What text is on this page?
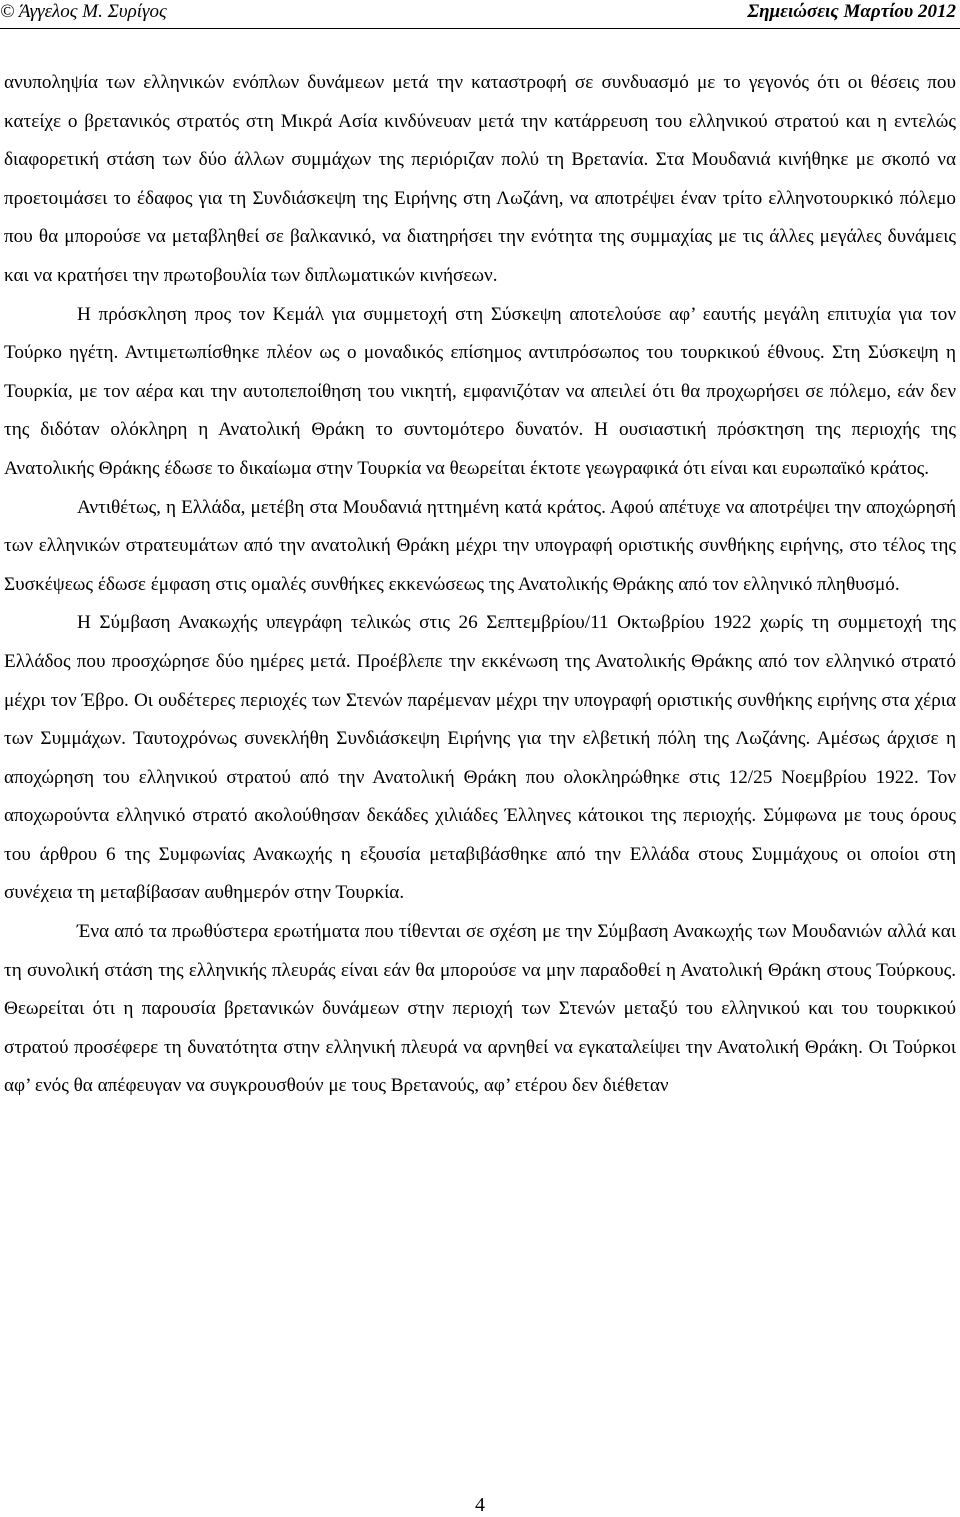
© Άγγελος Μ. Συρίγος	Σημειώσεις Μαρτίου 2012

ανυποληψία των ελληνικών ενόπλων δυνάμεων μετά την καταστροφή σε συνδυασμό με το γεγονός ότι οι θέσεις που κατείχε ο βρετανικός στρατός στη Μικρά Ασία κινδύνευαν μετά την κατάρρευση του ελληνικού στρατού και η εντελώς διαφορετική στάση των δύο άλλων συμμάχων της περιόριζαν πολύ τη Βρετανία. Στα Μουδανιά κινήθηκε με σκοπό να προετοιμάσει το έδαφος για τη Συνδιάσκεψη της Ειρήνης στη Λωζάνη, να αποτρέψει έναν τρίτο ελληνοτουρκικό πόλεμο που θα μπορούσε να μεταβληθεί σε βαλκανικό, να διατηρήσει την ενότητα της συμμαχίας με τις άλλες μεγάλες δυνάμεις και να κρατήσει την πρωτοβουλία των διπλωματικών κινήσεων.

Η πρόσκληση προς τον Κεμάλ για συμμετοχή στη Σύσκεψη αποτελούσε αφ’ εαυτής μεγάλη επιτυχία για τον Τούρκο ηγέτη. Αντιμετωπίσθηκε πλέον ως ο μοναδικός επίσημος αντιπρόσωπος του τουρκικού έθνους. Στη Σύσκεψη η Τουρκία, με τον αέρα και την αυτοπεποίθηση του νικητή, εμφανιζόταν να απειλεί ότι θα προχωρήσει σε πόλεμο, εάν δεν της διδόταν ολόκληρη η Ανατολική Θράκη το συντομότερο δυνατόν. Η ουσιαστική πρόσκτηση της περιοχής της Ανατολικής Θράκης έδωσε το δικαίωμα στην Τουρκία να θεωρείται έκτοτε γεωγραφικά ότι είναι και ευρωπαϊκό κράτος.

Αντιθέτως, η Ελλάδα, μετέβη στα Μουδανιά ηττημένη κατά κράτος. Αφού απέτυχε να αποτρέψει την αποχώρησή των ελληνικών στρατευμάτων από την ανατολική Θράκη μέχρι την υπογραφή οριστικής συνθήκης ειρήνης, στο τέλος της Συσκέψεως έδωσε έμφαση στις ομαλές συνθήκες εκκενώσεως της Ανατολικής Θράκης από τον ελληνικό πληθυσμό.

Η Σύμβαση Ανακωχής υπεγράφη τελικώς στις 26 Σεπτεμβρίου/11 Οκτωβρίου 1922 χωρίς τη συμμετοχή της Ελλάδος που προσχώρησε δύο ημέρες μετά. Προέβλεπε την εκκένωση της Ανατολικής Θράκης από τον ελληνικό στρατό μέχρι τον Έβρο. Οι ουδέτερες περιοχές των Στενών παρέμεναν μέχρι την υπογραφή οριστικής συνθήκης ειρήνης στα χέρια των Συμμάχων. Ταυτοχρόνως συνεκλήθη Συνδιάσκεψη Ειρήνης για την ελβετική πόλη της Λωζάνης. Αμέσως άρχισε η αποχώρηση του ελληνικού στρατού από την Ανατολική Θράκη που ολοκληρώθηκε στις 12/25 Νοεμβρίου 1922. Τον αποχωρούντα ελληνικό στρατό ακολούθησαν δεκάδες χιλιάδες Έλληνες κάτοικοι της περιοχής. Σύμφωνα με τους όρους του άρθρου 6 της Συμφωνίας Ανακωχής η εξουσία μεταβιβάσθηκε από την Ελλάδα στους Συμμάχους οι οποίοι στη συνέχεια τη μεταβίβασαν αυθημερόν στην Τουρκία.

Ένα από τα πρωθύστερα ερωτήματα που τίθενται σε σχέση με την Σύμβαση Ανακωχής των Μουδανιών αλλά και τη συνολική στάση της ελληνικής πλευράς είναι εάν θα μπορούσε να μην παραδοθεί η Ανατολική Θράκη στους Τούρκους. Θεωρείται ότι η παρουσία βρετανικών δυνάμεων στην περιοχή των Στενών μεταξύ του ελληνικού και του τουρκικού στρατού προσέφερε τη δυνατότητα στην ελληνική πλευρά να αρνηθεί να εγκαταλείψει την Ανατολική Θράκη. Οι Τούρκοι αφ’ ενός θα απέφευγαν να συγκρουσθούν με τους Βρετανούς, αφ’ ετέρου δεν διέθεταν

4
